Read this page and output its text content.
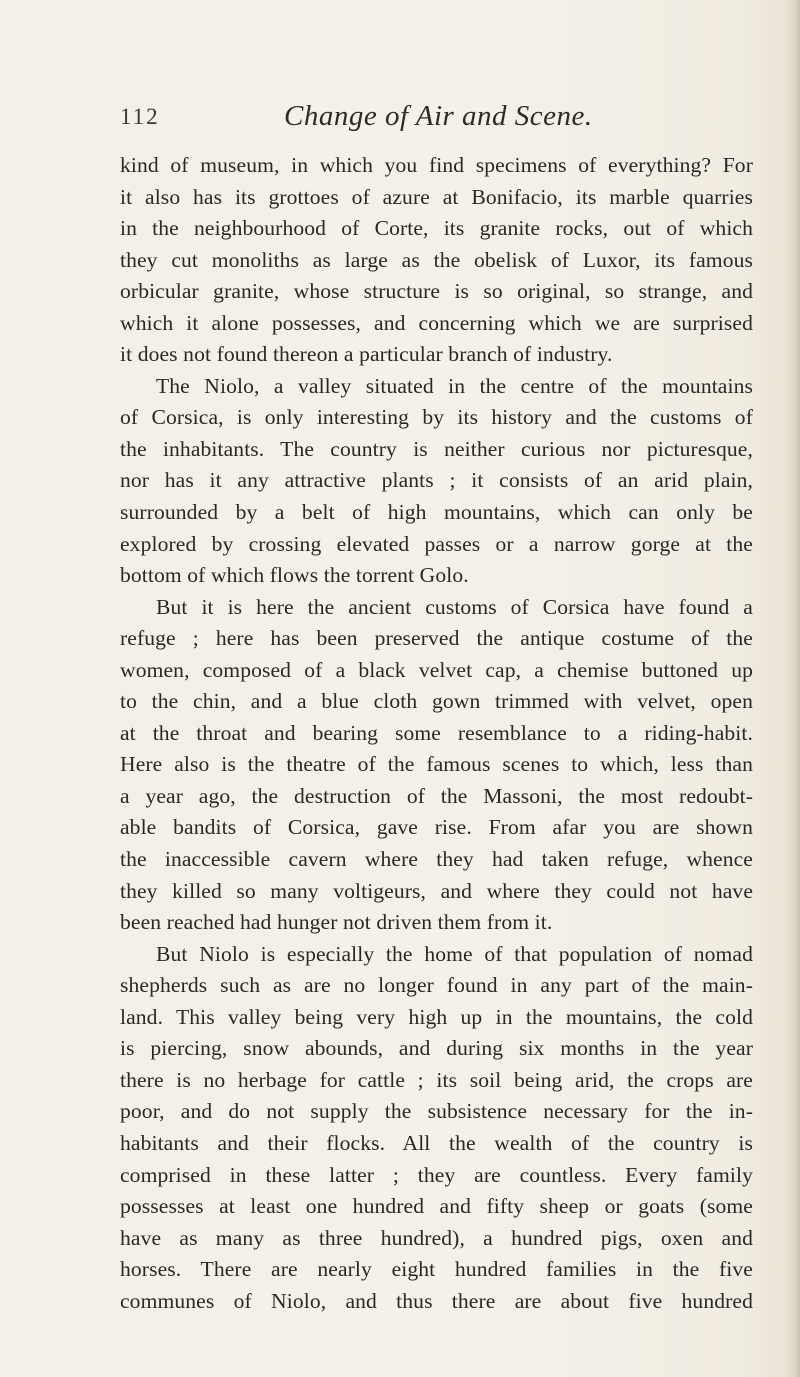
112	Change of Air and Scene.
kind of museum, in which you find specimens of everything? For
it also has its grottoes of azure at Bonifacio, its marble quarries
in the neighbourhood of Corte, its granite rocks, out of which
they cut monoliths as large as the obelisk of Luxor, its famous
orbicular granite, whose structure is so original, so strange, and
which it alone possesses, and concerning which we are surprised
it does not found thereon a particular branch of industry.
The Niolo, a valley situated in the centre of the mountains
of Corsica, is only interesting by its history and the customs of
the inhabitants. The country is neither curious nor picturesque,
nor has it any attractive plants ; it consists of an arid plain,
surrounded by a belt of high mountains, which can only be
explored by crossing elevated passes or a narrow gorge at the
bottom of which flows the torrent Golo.
But it is here the ancient customs of Corsica have found a
refuge ; here has been preserved the antique costume of the
women, composed of a black velvet cap, a chemise buttoned up
to the chin, and a blue cloth gown trimmed with velvet, open
at the throat and bearing some resemblance to a riding-habit.
Here also is the theatre of the famous scenes to which, less than
a year ago, the destruction of the Massoni, the most redoubt-
able bandits of Corsica, gave rise. From afar you are shown
the inaccessible cavern where they had taken refuge, whence
they killed so many voltigeurs, and where they could not have
been reached had hunger not driven them from it.
But Niolo is especially the home of that population of nomad
shepherds such as are no longer found in any part of the main-
land. This valley being very high up in the mountains, the cold
is piercing, snow abounds, and during six months in the year
there is no herbage for cattle ; its soil being arid, the crops are
poor, and do not supply the subsistence necessary for the in-
habitants and their flocks. All the wealth of the country is
comprised in these latter ; they are countless. Every family
possesses at least one hundred and fifty sheep or goats (some
have as many as three hundred), a hundred pigs, oxen and
horses. There are nearly eight hundred families in the five
communes of Niolo, and thus there are about five hundred
